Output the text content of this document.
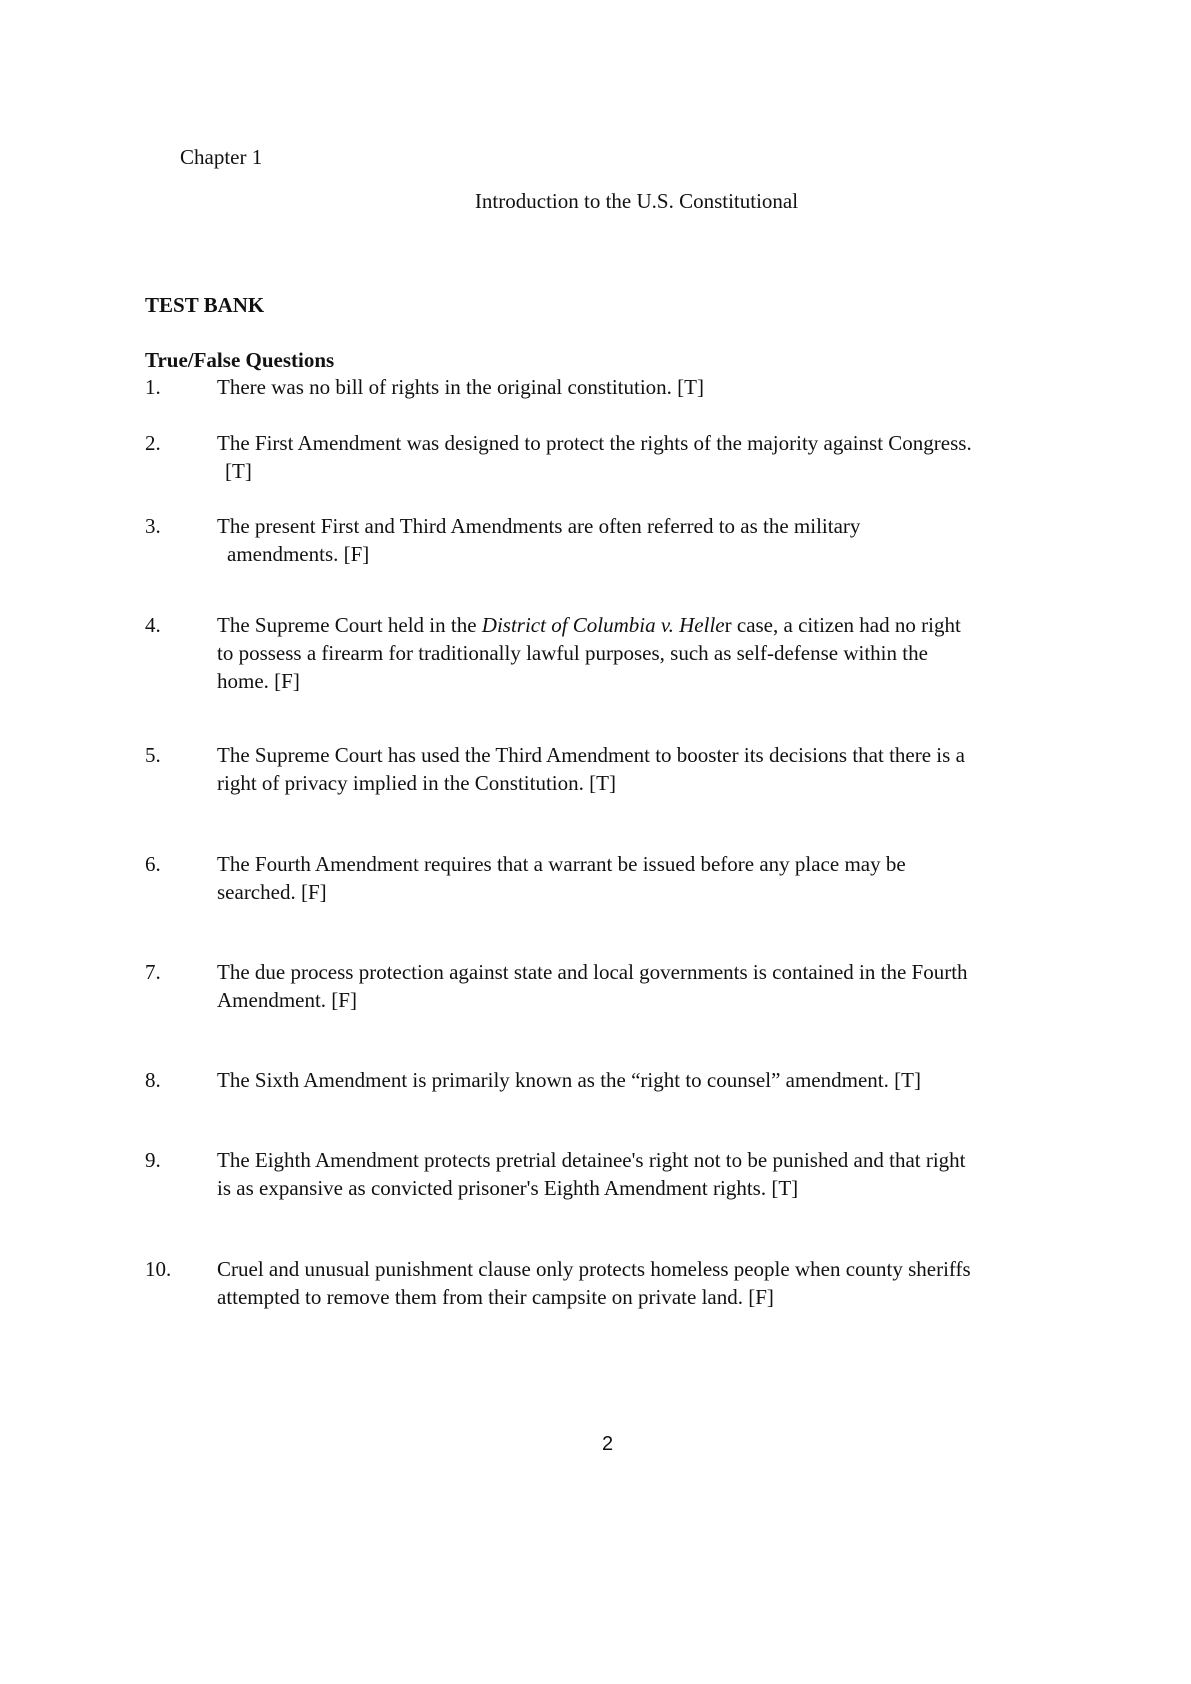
Chapter 1
Introduction to the U.S. Constitutional
TEST BANK
True/False Questions
1.	There was no bill of rights in the original constitution. [T]
2.	The First Amendment was designed to protect the rights of the majority against Congress.
[T]
3.	The present First and Third Amendments are often referred to as the military
amendments. [F]
4.	The Supreme Court held in the District of Columbia v. Heller case, a citizen had no right
to possess a firearm for traditionally lawful purposes, such as self-defense within the
home. [F]
5.	The Supreme Court has used the Third Amendment to booster its decisions that there is a
right of privacy implied in the Constitution. [T]
6.	The Fourth Amendment requires that a warrant be issued before any place may be
searched. [F]
7.	The due process protection against state and local governments is contained in the Fourth
Amendment. [F]
8.	The Sixth Amendment is primarily known as the “right to counsel” amendment. [T]
9.	The Eighth Amendment protects pretrial detainee's right not to be punished and that right
is as expansive as convicted prisoner's Eighth Amendment rights. [T]
10. Cruel and unusual punishment clause only protects homeless people when county sheriffs
attempted to remove them from their campsite on private land. [F]
2
